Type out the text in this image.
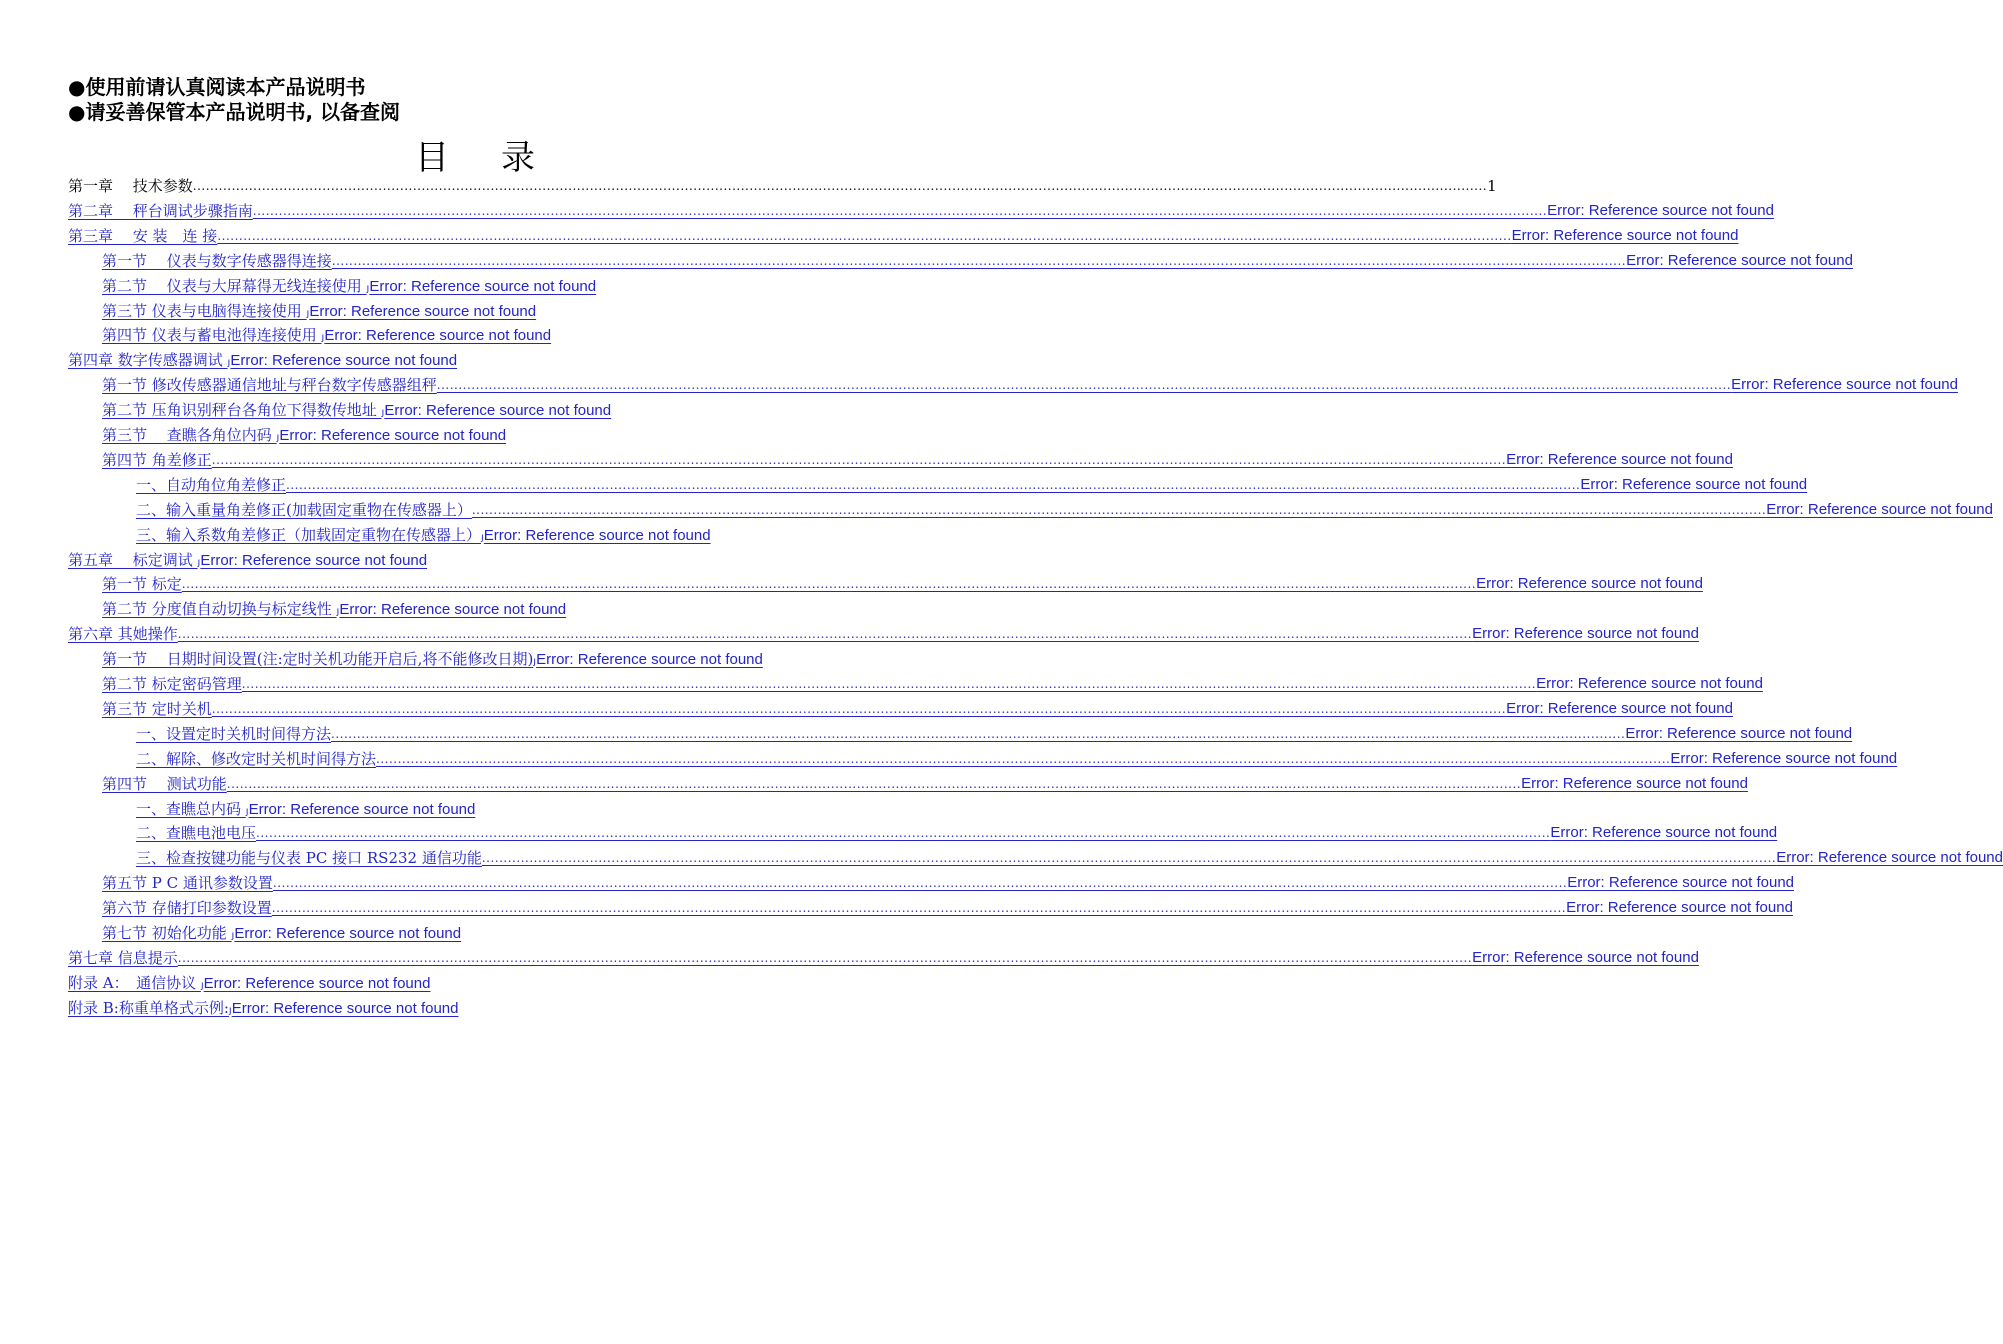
●使用前请认真阅读本产品说明书
●请妥善保管本产品说明书, 以备查阅
目 录
第一章　 技术参数 ............................................................................................................................................................................................................................................................................................................ 1
第二章　 秤台调试步骤指南 ............................................................................................................................................................................................................................................................................................................ Error: Reference source not found
第三章　 安 装　连 接 ............................................................................................................................................................................................................................................................................................................ Error: Reference source not found
第一节　 仪表与数字传感器得连接 ............................................................................................................................................................................................................................................................................................................ Error: Reference source not found
第二节　 仪表与大屏幕得无线连接使用 ȷError: Reference source not found
第三节 仪表与电脑得连接使用 ȷError: Reference source not found
第四节 仪表与蓄电池得连接使用 ȷError: Reference source not found
第四章 数字传感器调试 ȷError: Reference source not found
第一节 修改传感器通信地址与秤台数字传感器组秤 ............................................................................................................................................................................................................................................................................................................ Error: Reference source not found
第二节 压角识别秤台各角位下得数传地址 ȷError: Reference source not found
第三节　 查瞧各角位内码 ȷError: Reference source not found
第四节 角差修正 ............................................................................................................................................................................................................................................................................................................ Error: Reference source not found
一、自动角位角差修正 ............................................................................................................................................................................................................................................................................................................ Error: Reference source not found
二、输入重量角差修正(加载固定重物在传感器上） ............................................................................................................................................................................................................................................................................................................ Error: Reference source not found
三、输入系数角差修正（加载固定重物在传感器上）ȷError: Reference source not found
第五章　 标定调试 ȷError: Reference source not found
第一节 标定 ............................................................................................................................................................................................................................................................................................................ Error: Reference source not found
第二节 分度值自动切换与标定线性 ȷError: Reference source not found
第六章 其她操作 ............................................................................................................................................................................................................................................................................................................ Error: Reference source not found
第一节　 日期时间设置(注:定时关机功能开启后,将不能修改日期)ȷError: Reference source not found
第二节 标定密码管理 ............................................................................................................................................................................................................................................................................................................ Error: Reference source not found
第三节 定时关机 ............................................................................................................................................................................................................................................................................................................ Error: Reference source not found
一、设置定时关机时间得方法 ............................................................................................................................................................................................................................................................................................................ Error: Reference source not found
二、解除、修改定时关机时间得方法 ............................................................................................................................................................................................................................................................................................................ Error: Reference source not found
第四节　 测试功能 ............................................................................................................................................................................................................................................................................................................ Error: Reference source not found
一、查瞧总内码 ȷError: Reference source not found
二、查瞧电池电压 ............................................................................................................................................................................................................................................................................................................ Error: Reference source not found
三、检查按键功能与仪表 PC 接口 RS232 通信功能 ............................................................................................................................................................................................................................................................................................................ Error: Reference source not found
第五节 P C 通讯参数设置 ............................................................................................................................................................................................................................................................................................................ Error: Reference source not found
第六节 存储打印参数设置 ............................................................................................................................................................................................................................................................................................................ Error: Reference source not found
第七节 初始化功能 ȷError: Reference source not found
第七章 信息提示 ............................................................................................................................................................................................................................................................................................................ Error: Reference source not found
附录 A：　通信协议 ȷError: Reference source not found
附录 B:称重单格式示例:ȷError: Reference source not found
